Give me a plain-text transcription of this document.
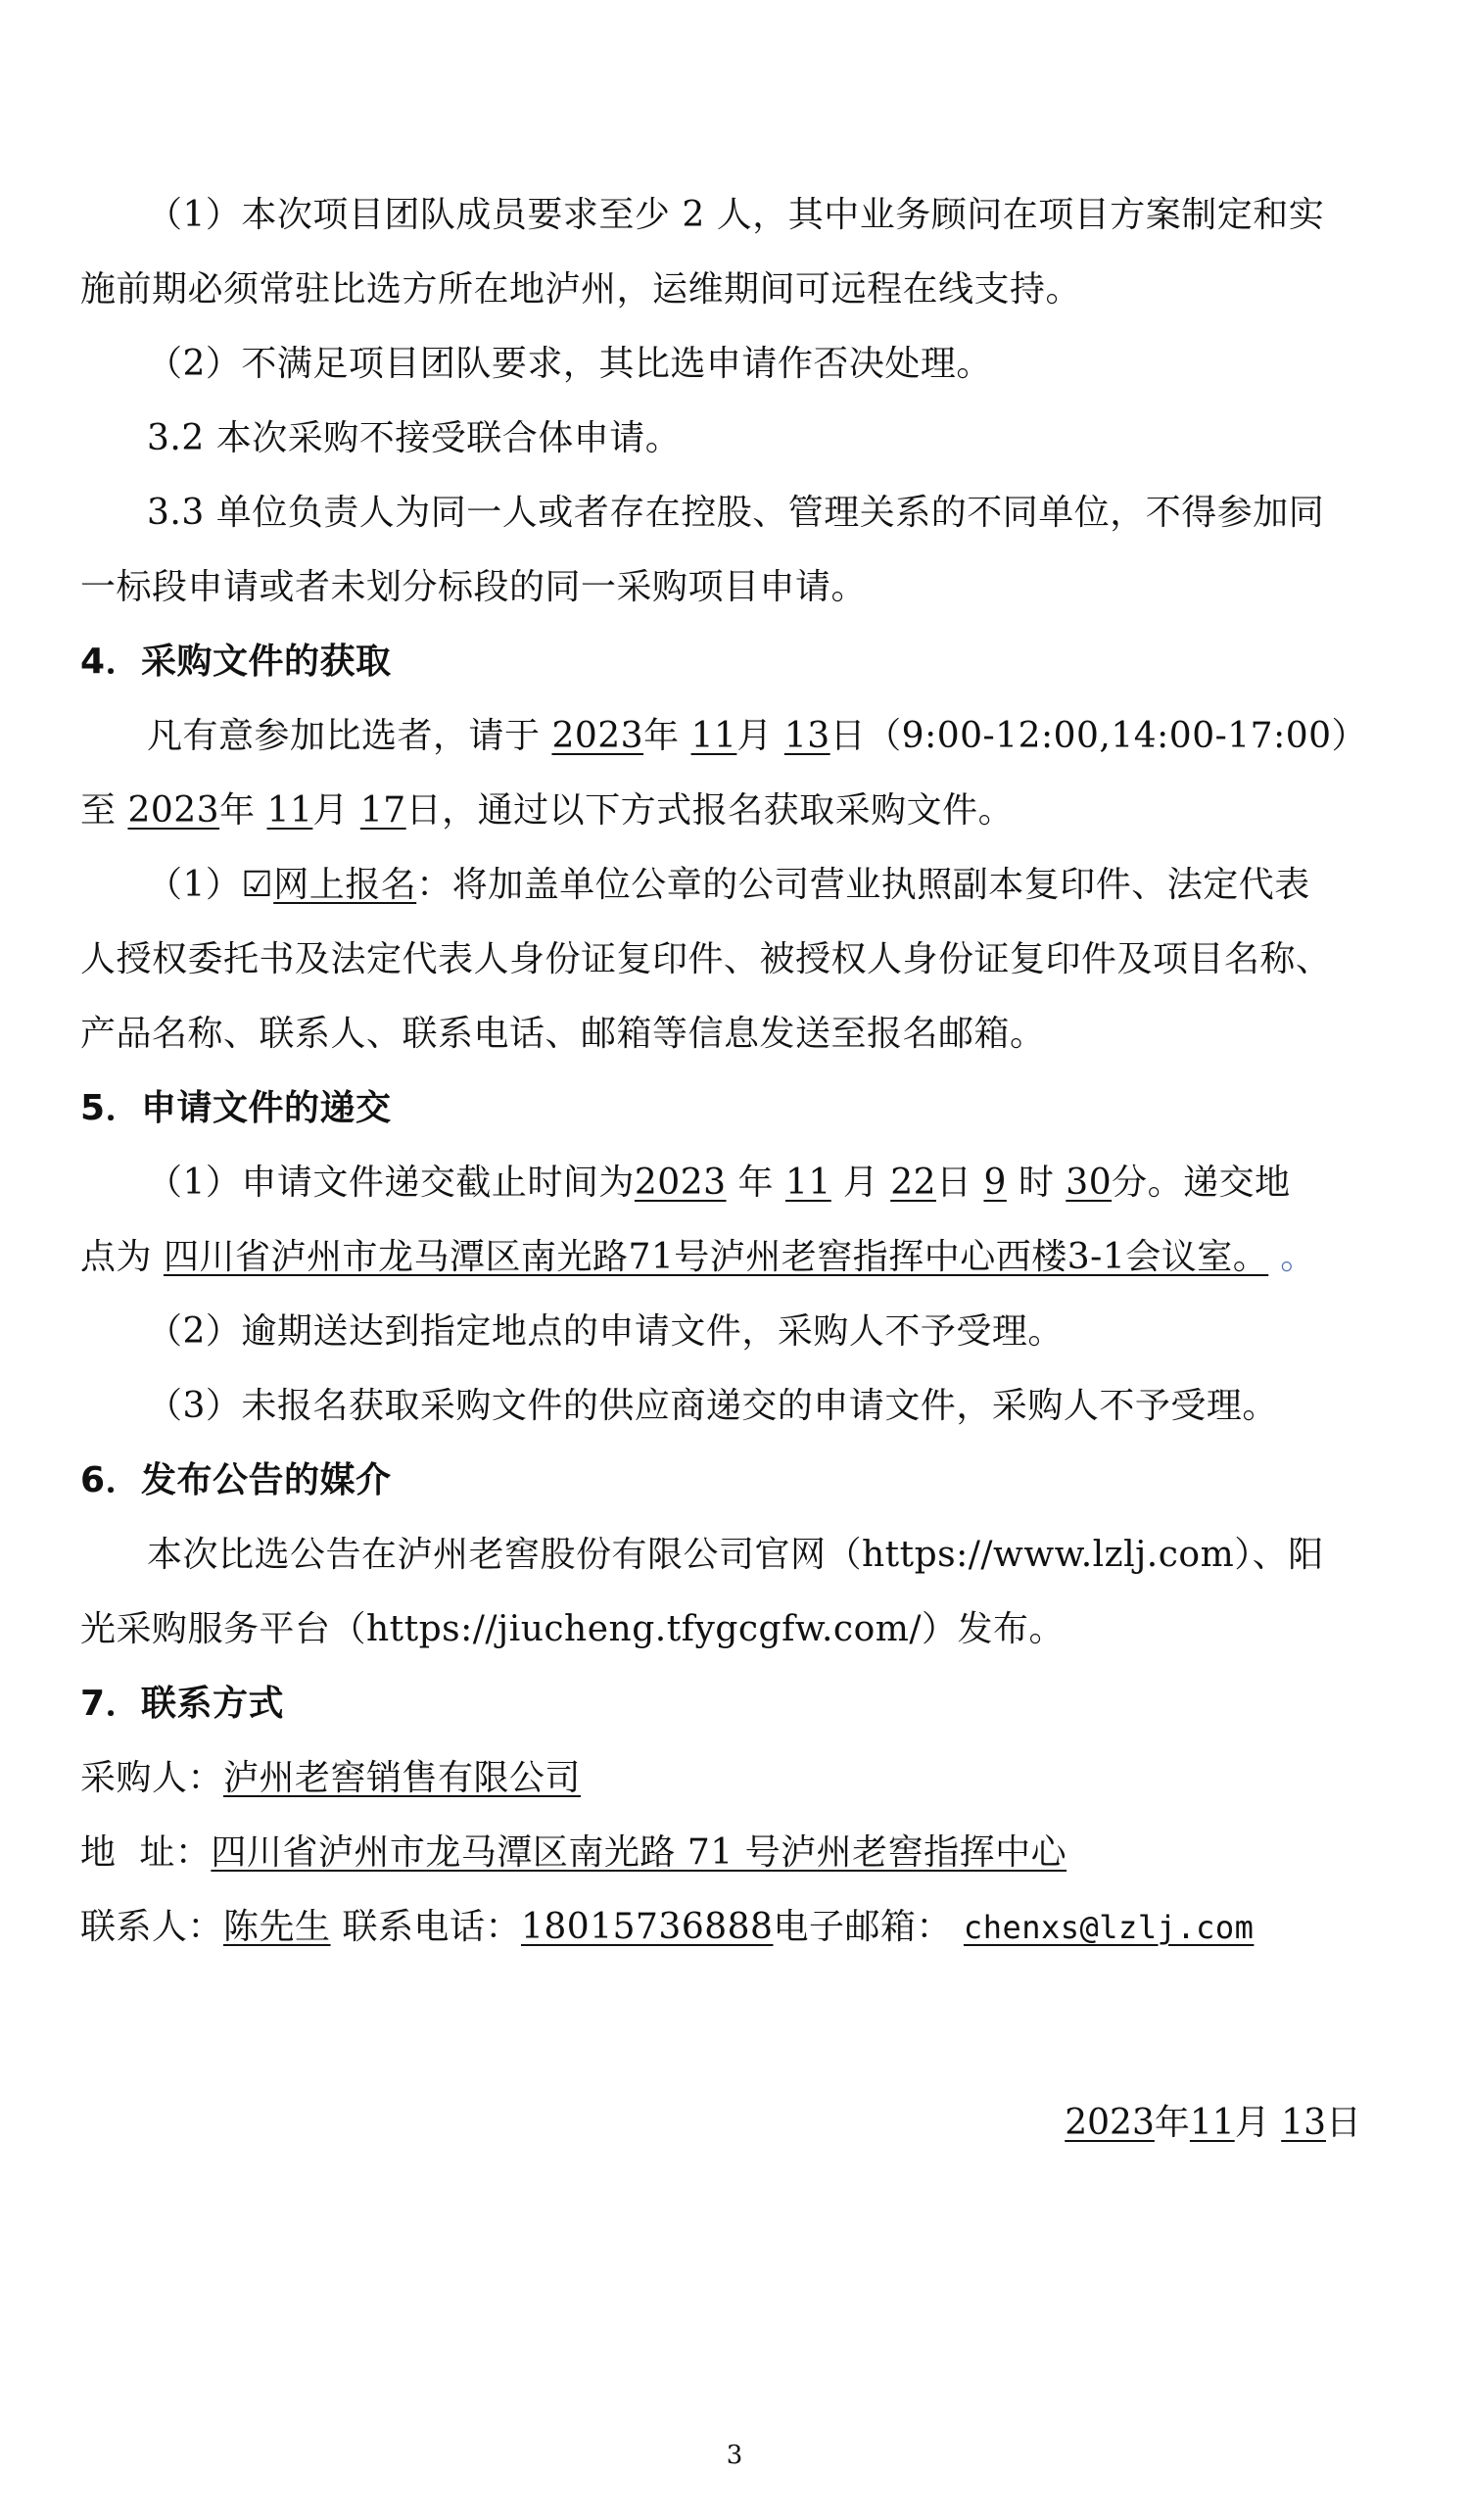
（1）本次项目团队成员要求至少 2 人，其中业务顾问在项目方案制定和实
施前期必须常驻比选方所在地泸州，运维期间可远程在线支持。
（2）不满足项目团队要求，其比选申请作否决处理。
3.2 本次采购不接受联合体申请。
3.3 单位负责人为同一人或者存在控股、管理关系的不同单位，不得参加同
一标段申请或者未划分标段的同一采购项目申请。
4．采购文件的获取
凡有意参加比选者，请于 2023年 11月 13日（9:00-12:00,14:00-17:00）
至 2023年 11月 17日，通过以下方式报名获取采购文件。
（1）☑网上报名：将加盖单位公章的公司营业执照副本复印件、法定代表
人授权委托书及法定代表人身份证复印件、被授权人身份证复印件及项目名称、
产品名称、联系人、联系电话、邮箱等信息发送至报名邮箱。
5．申请文件的递交
（1）申请文件递交截止时间为2023 年 11 月 22日 9 时 30分。递交地
点为 四川省泸州市龙马潭区南光路71号泸州老窖指挥中心西楼3-1会议室。 。
（2）逾期送达到指定地点的申请文件，采购人不予受理。
（3）未报名获取采购文件的供应商递交的申请文件，采购人不予受理。
6．发布公告的媒介
本次比选公告在泸州老窖股份有限公司官网（https://www.lzlj.com）、阳
光采购服务平台（https://jiucheng.tfygcgfw.com/）发布。
7．联系方式
采购人：泸州老窖销售有限公司
地  址：四川省泸州市龙马潭区南光路 71 号泸州老窖指挥中心
联系人：陈先生 联系电话：18015736888电子邮箱： chenxs@lzlj.com
2023年11月 13日
3
